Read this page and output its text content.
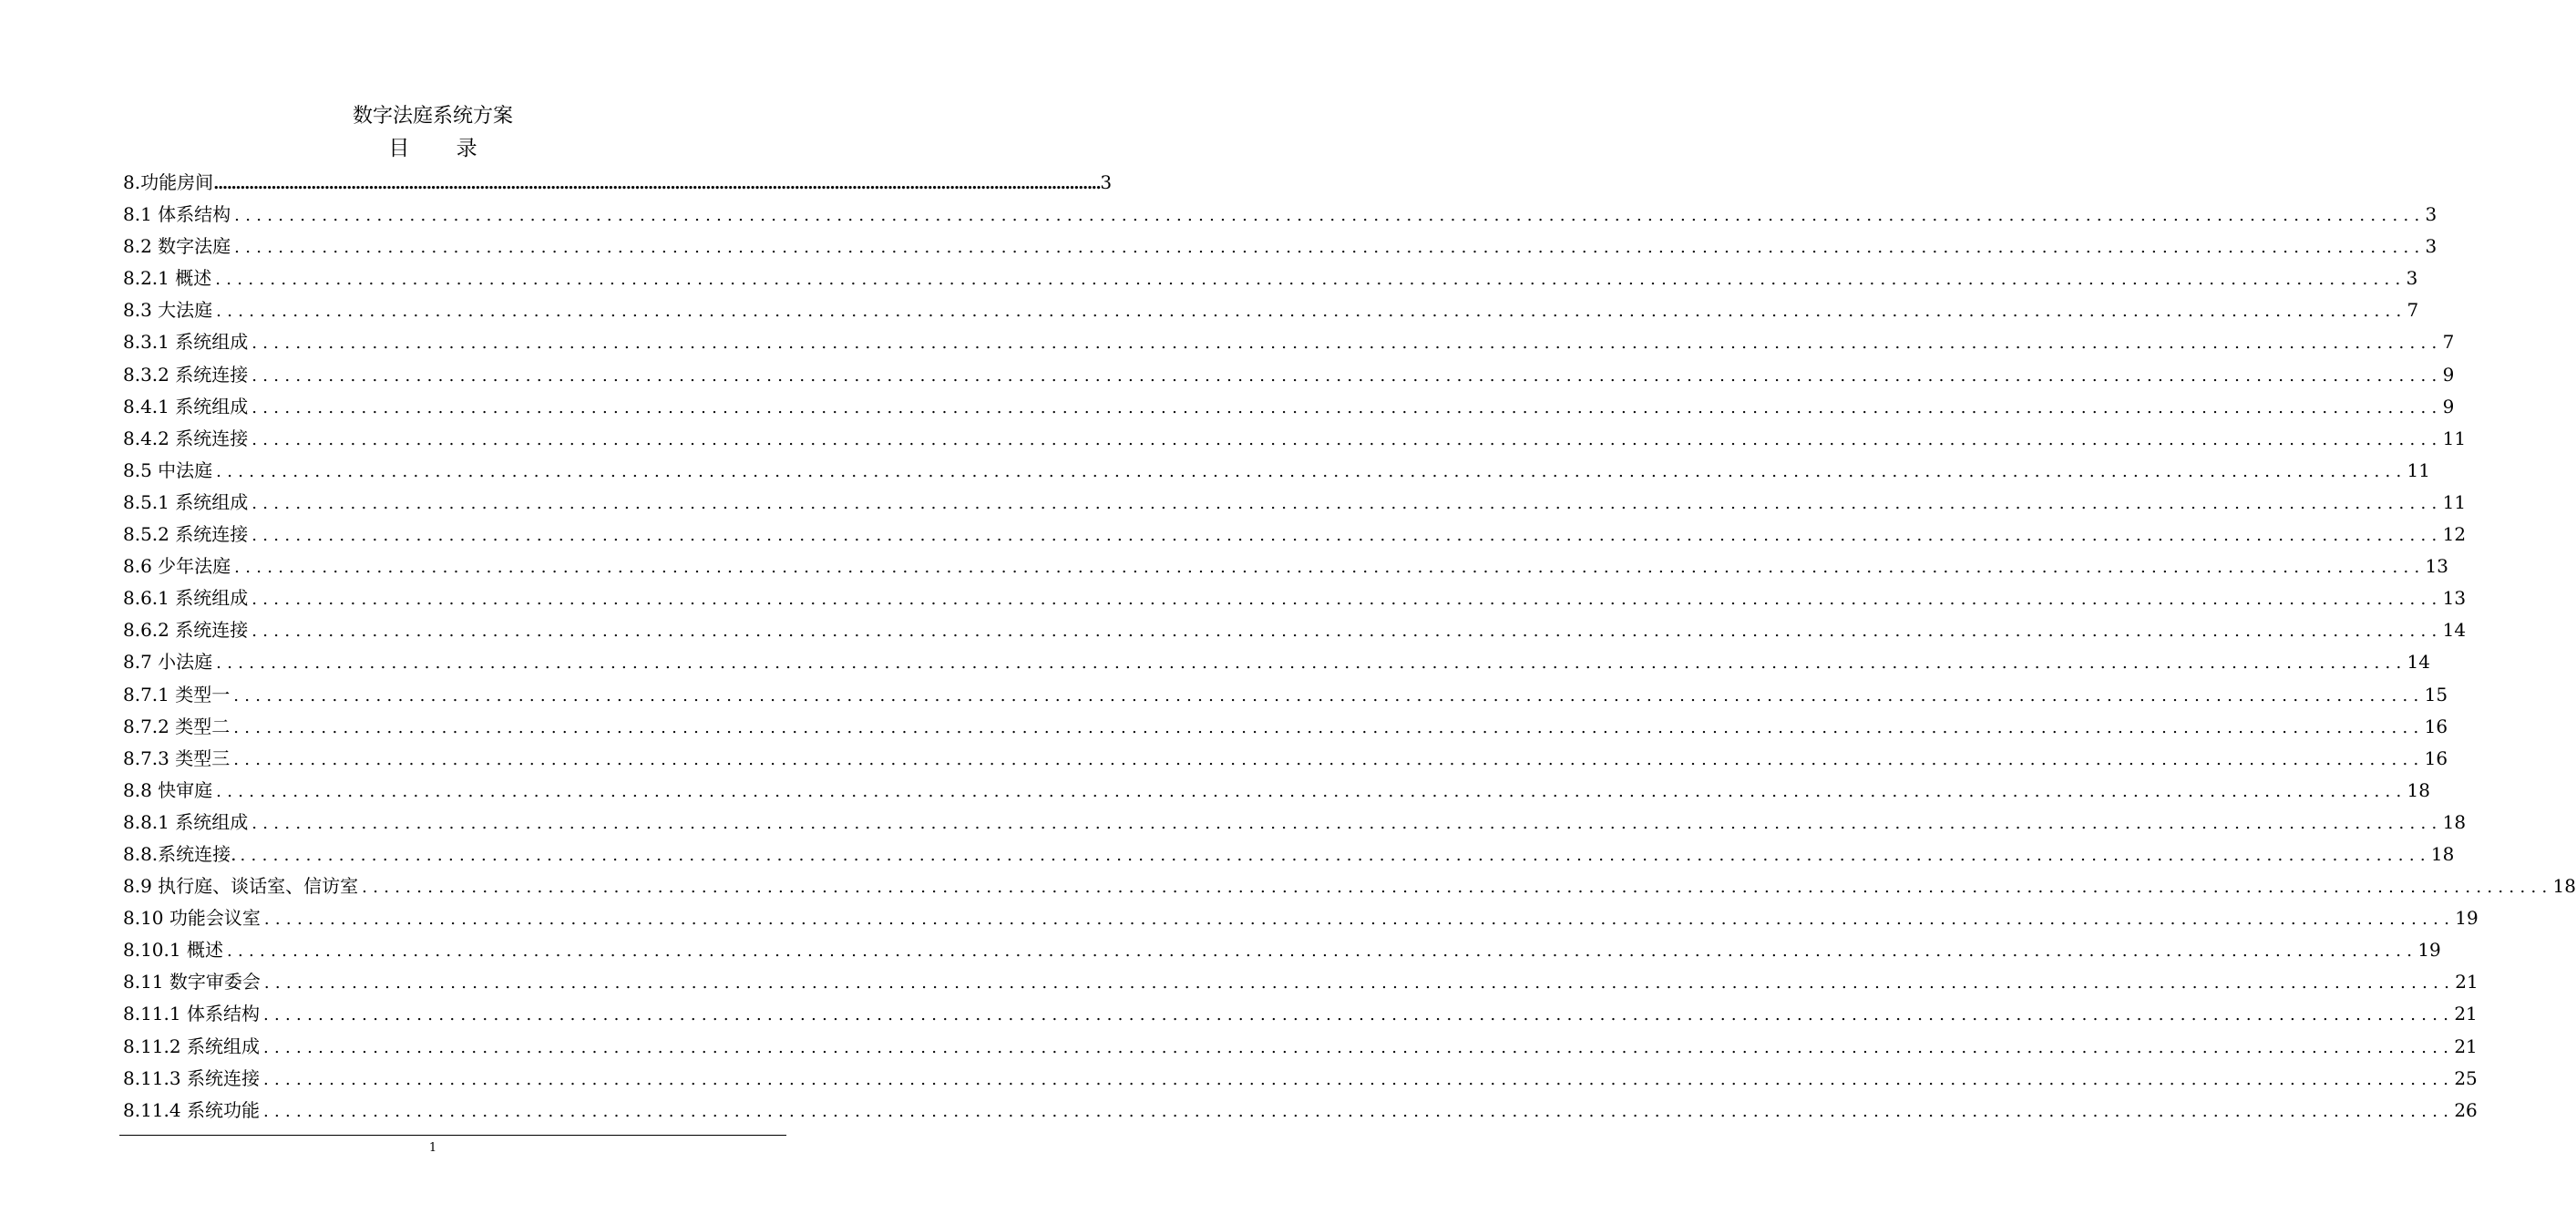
数字法庭系统方案
目 录
8.功能房间 ........................................................................................................................................................................................................ 3
8.1 体系结构 ........................................................................................................................................................................................................ 3
8.2 数字法庭 ........................................................................................................................................................................................................ 3
8.2.1 概述 ........................................................................................................................................................................................................ 3
8.3 大法庭 ........................................................................................................................................................................................................ 7
8.3.1 系统组成 ........................................................................................................................................................................................................ 7
8.3.2 系统连接 ........................................................................................................................................................................................................ 9
8.4.1 系统组成 ........................................................................................................................................................................................................ 9
8.4.2 系统连接 ........................................................................................................................................................................................................ 11
8.5 中法庭 ........................................................................................................................................................................................................ 11
8.5.1 系统组成 ........................................................................................................................................................................................................ 11
8.5.2 系统连接 ........................................................................................................................................................................................................ 12
8.6 少年法庭 ........................................................................................................................................................................................................ 13
8.6.1 系统组成 ........................................................................................................................................................................................................ 13
8.6.2 系统连接 ........................................................................................................................................................................................................ 14
8.7 小法庭 ........................................................................................................................................................................................................ 14
8.7.1 类型一 ........................................................................................................................................................................................................ 15
8.7.2 类型二 ........................................................................................................................................................................................................ 16
8.7.3 类型三 ........................................................................................................................................................................................................ 16
8.8 快审庭 ........................................................................................................................................................................................................ 18
8.8.1 系统组成 ........................................................................................................................................................................................................ 18
8.8.系统连接. ........................................................................................................................................................................................................ 18
8.9 执行庭、谈话室、信访室 ........................................................................................................................................................................................................ 18
8.10 功能会议室 ........................................................................................................................................................................................................ 19
8.10.1 概述 ........................................................................................................................................................................................................ 19
8.11 数字审委会 ........................................................................................................................................................................................................ 21
8.11.1 体系结构 ........................................................................................................................................................................................................ 21
8.11.2 系统组成 ........................................................................................................................................................................................................ 21
8.11.3 系统连接 ........................................................................................................................................................................................................ 25
8.11.4 系统功能 ........................................................................................................................................................................................................ 26
1
